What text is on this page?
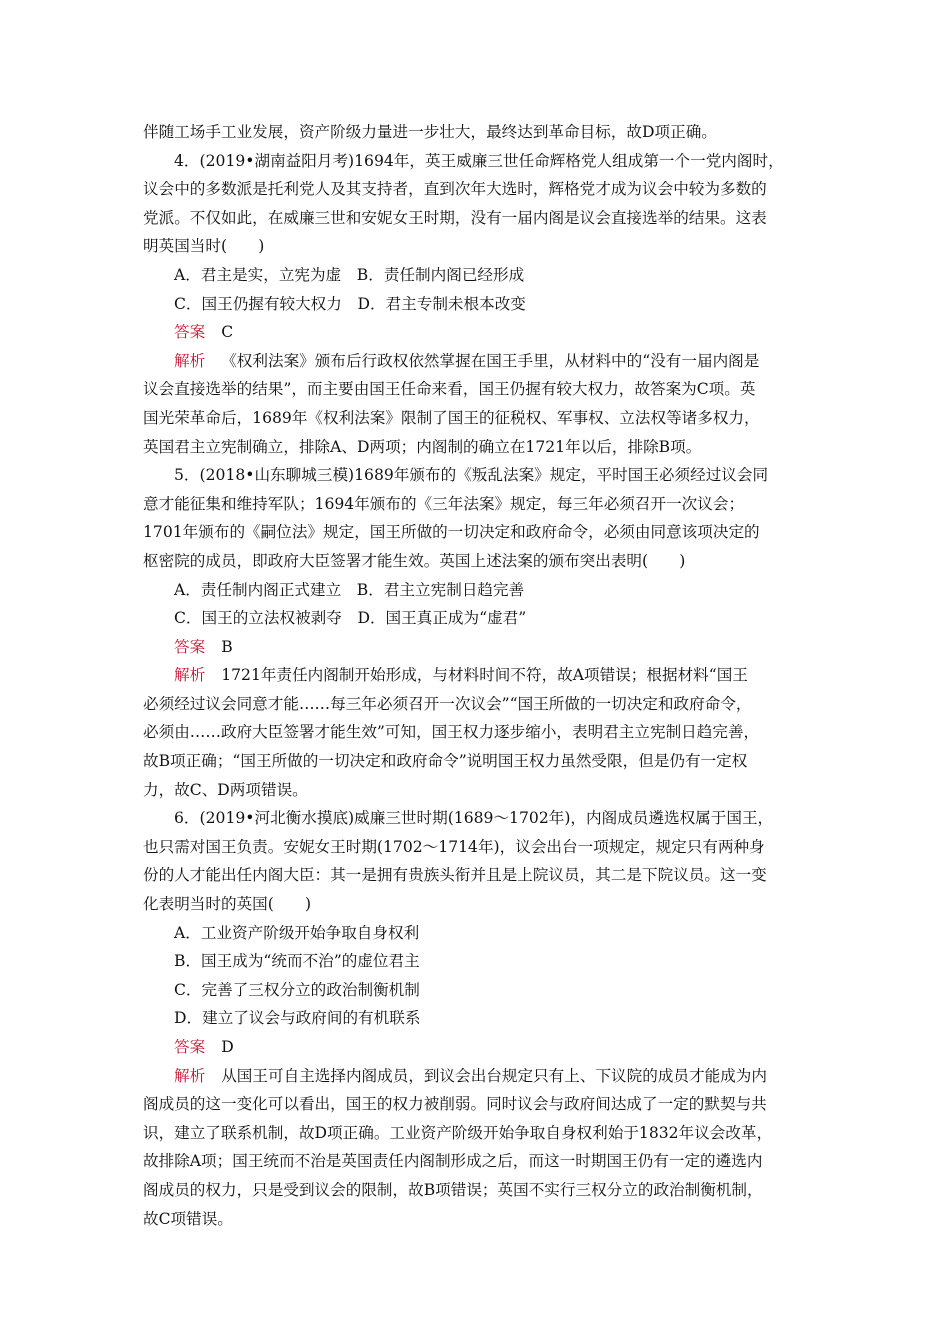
伴随工场手工业发展，资产阶级力量进一步壮大，最终达到革命目标，故D项正确。
4．(2019•湖南益阳月考)1694年，英王威廉三世任命辉格党人组成第一个一党内阁时，
议会中的多数派是托利党人及其支持者，直到次年大选时，辉格党才成为议会中较为多数的
党派。不仅如此，在威廉三世和安妮女王时期，没有一届内阁是议会直接选举的结果。这表
明英国当时(　　)
A．君主是实，立宪为虚　B．责任制内阁已经形成
C．国王仍握有较大权力　D．君主专制未根本改变
答案 C
解析 《权利法案》颁布后行政权依然掌握在国王手里，从材料中的“没有一届内阁是
议会直接选举的结果”，而主要由国王任命来看，国王仍握有较大权力，故答案为C项。英
国光荣革命后，1689年《权利法案》限制了国王的征税权、军事权、立法权等诸多权力，
英国君主立宪制确立，排除A、D两项；内阁制的确立在1721年以后，排除B项。
5．(2018•山东聊城三模)1689年颁布的《叛乱法案》规定，平时国王必须经过议会同
意才能征集和维持军队；1694年颁布的《三年法案》规定，每三年必须召开一次议会；
1701年颁布的《嗣位法》规定，国王所做的一切决定和政府命令，必须由同意该项决定的
枢密院的成员，即政府大臣签署才能生效。英国上述法案的颁布突出表明(　　)
A．责任制内阁正式建立　B．君主立宪制日趋完善
C．国王的立法权被剥夺　D．国王真正成为“虚君”
答案 B
解析 1721年责任内阁制开始形成，与材料时间不符，故A项错误；根据材料“国王
必须经过议会同意才能……每三年必须召开一次议会”“国王所做的一切决定和政府命令，
必须由……政府大臣签署才能生效”可知，国王权力逐步缩小，表明君主立宪制日趋完善，
故B项正确；“国王所做的一切决定和政府命令”说明国王权力虽然受限，但是仍有一定权
力，故C、D两项错误。
6．(2019•河北衡水摸底)威廉三世时期(1689～1702年)，内阁成员遴选权属于国王，
也只需对国王负责。安妮女王时期(1702～1714年)，议会出台一项规定，规定只有两种身
份的人才能出任内阁大臣：其一是拥有贵族头衔并且是上院议员，其二是下院议员。这一变
化表明当时的英国(　　)
A．工业资产阶级开始争取自身权利
B．国王成为“统而不治”的虚位君主
C．完善了三权分立的政治制衡机制
D．建立了议会与政府间的有机联系
答案 D
解析 从国王可自主选择内阁成员，到议会出台规定只有上、下议院的成员才能成为内
阁成员的这一变化可以看出，国王的权力被削弱。同时议会与政府间达成了一定的默契与共
识，建立了联系机制，故D项正确。工业资产阶级开始争取自身权利始于1832年议会改革，
故排除A项；国王统而不治是英国责任内阁制形成之后，而这一时期国王仍有一定的遴选内
阁成员的权力，只是受到议会的限制，故B项错误；英国不实行三权分立的政治制衡机制，
故C项错误。
